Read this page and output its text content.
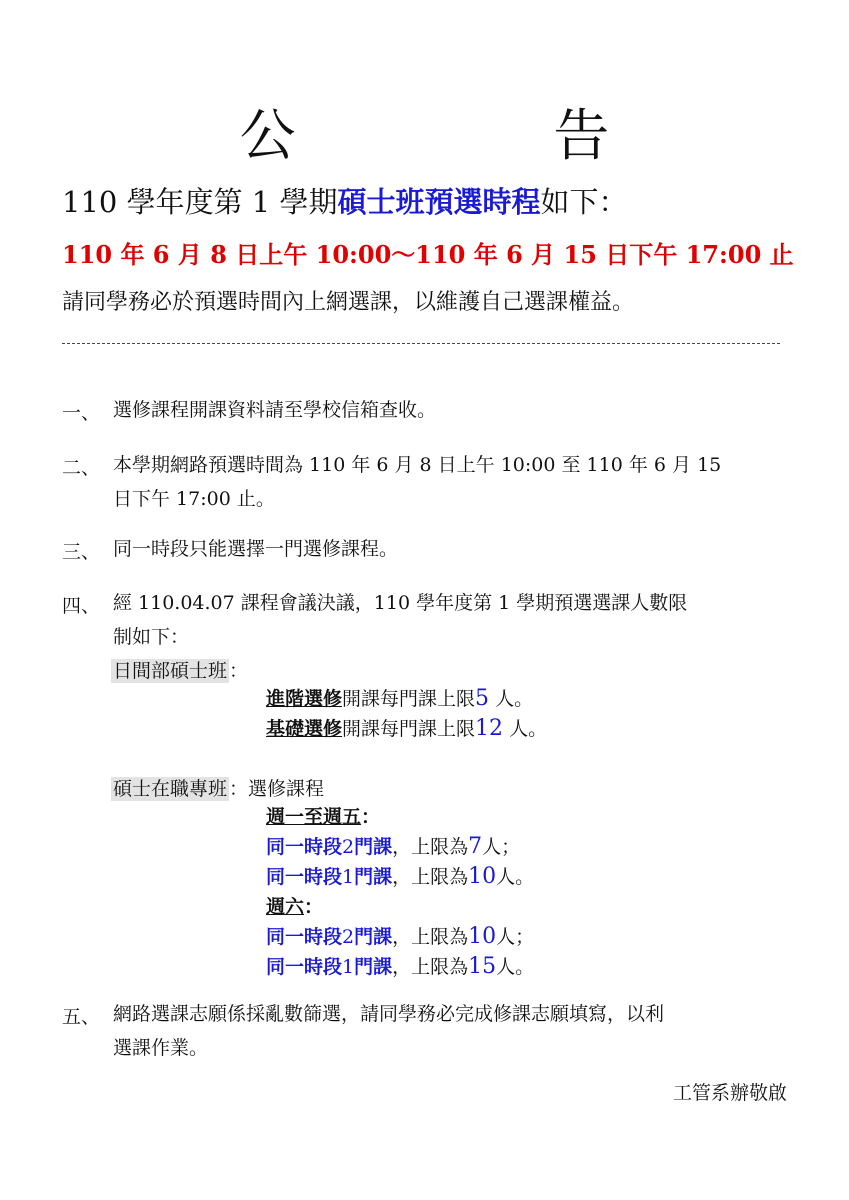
公 告
110 學年度第 1 學期碩士班預選時程如下：
110 年 6 月 8 日上午 10:00～110 年 6 月 15 日下午 17:00 止
請同學務必於預選時間內上網選課，以維護自己選課權益。
一、 選修課程開課資料請至學校信箱查收。
二、 本學期網路預選時間為 110 年 6 月 8 日上午 10:00 至 110 年 6 月 15
日下午 17:00 止。
三、 同一時段只能選擇一門選修課程。
四、 經 110.04.07 課程會議決議，110 學年度第 1 學期預選選課人數限
制如下：
日間部碩士班 ：
進階選修開課每門課上限5 人。
基礎選修開課每門課上限12 人。
碩士在職專班 ：選修課程
週一至週五：
同一時段2門課，上限為7人；
同一時段1門課，上限為10人。
週六：
同一時段2門課，上限為10人；
同一時段1門課，上限為15人。
五、 網路選課志願係採亂數篩選，請同學務必完成修課志願填寫，以利
選課作業。
工管系辦敬啟
